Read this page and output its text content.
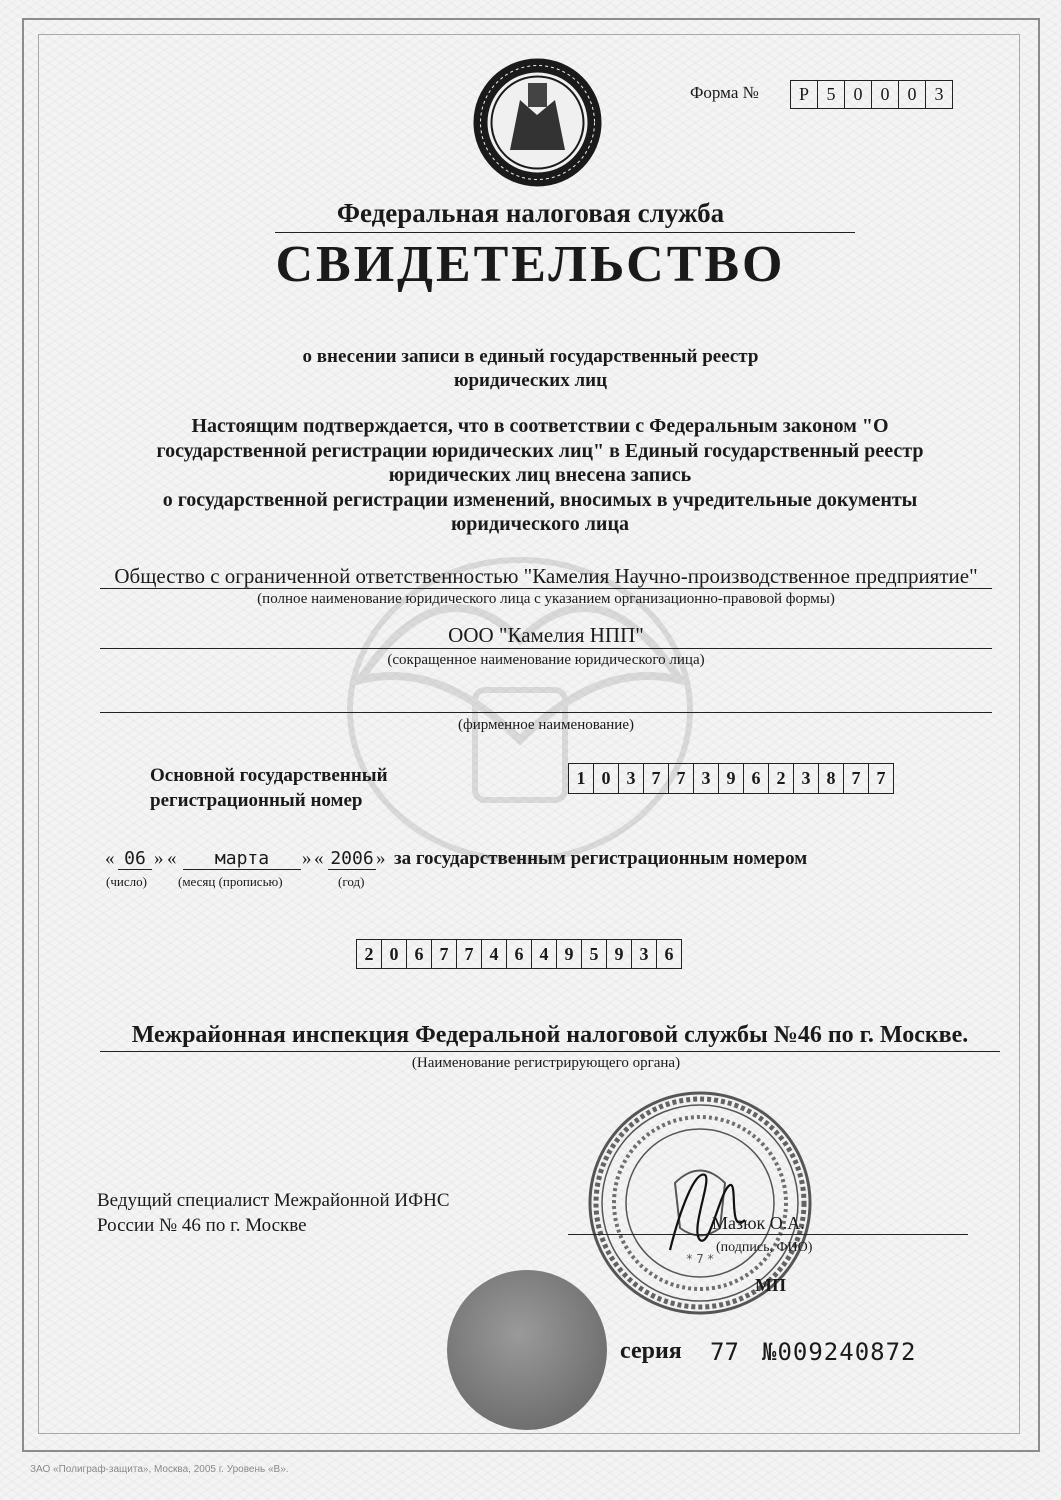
Форма №	Р 5	0	0	0	3
Федеральная налоговая служба
СВИДЕТЕЛЬСТВО
о внесении записи в единый государственный реестр
юридических лиц
Настоящим подтверждается, что в соответствии с Федеральным законом "О
государственной регистрации юридических лиц" в Единый государственный реестр
юридических лиц внесена запись
о государственной регистрации изменений, вносимых в учредительные документы
юридического лица
Общество с ограниченной ответственностью "Камелия Научно-производственное предприятие"
(полное наименование юридического лица с указанием организационно-правовой формы)
ООО "Камелия НПП"
(сокращенное наименование юридического лица)
(фирменное наименование)
Основной государственный
регистрационный номер
1 0 3 7 7 3 9 6 2 3 8 7 7
« 06 » «	марта	» « 2006 » за государственным регистрационным номером
(число) (месяц (прописью)	(год)
2 0 6 7 7 4 6 4 9 5 9 3 6
Межрайонная инспекция Федеральной налоговой службы №46 по г. Москве.
(Наименование регистрирующего органа)
Ведущий специалист Межрайонной ИФНС
России № 46 по г. Москве
* 7 *
Мазюк О.А.
(подпись, ФИО)
МП
серия 77 №009240872
ЗАО «Полиграф-защита», Москва, 2005 г. Уровень «В».
